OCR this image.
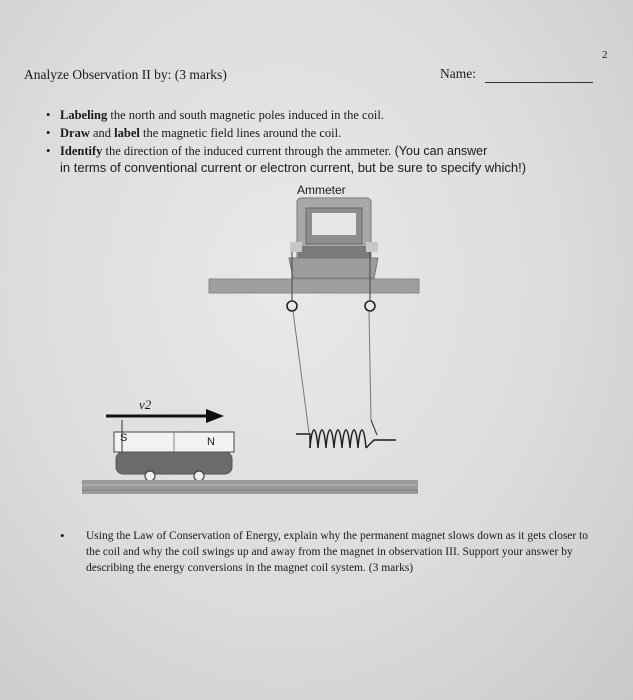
Analyze Observation II by: (3 marks)	Name:
2
• Labeling the north and south magnetic poles induced in the coil.
• Draw and label the magnetic field lines around the coil.
• Identify the direction of the induced current through the ammeter. (You can answer
in terms of conventional current or electron current, but be sure to specify which!)
Ammeter
v2
S	N
• Using the Law of Conservation of Energy, explain why the permanent magnet slows down as it gets closer to the coil and why the coil swings up and away from the magnet in observation III. Support your answer by describing the energy conversions in the magnet coil system. (3 marks)
